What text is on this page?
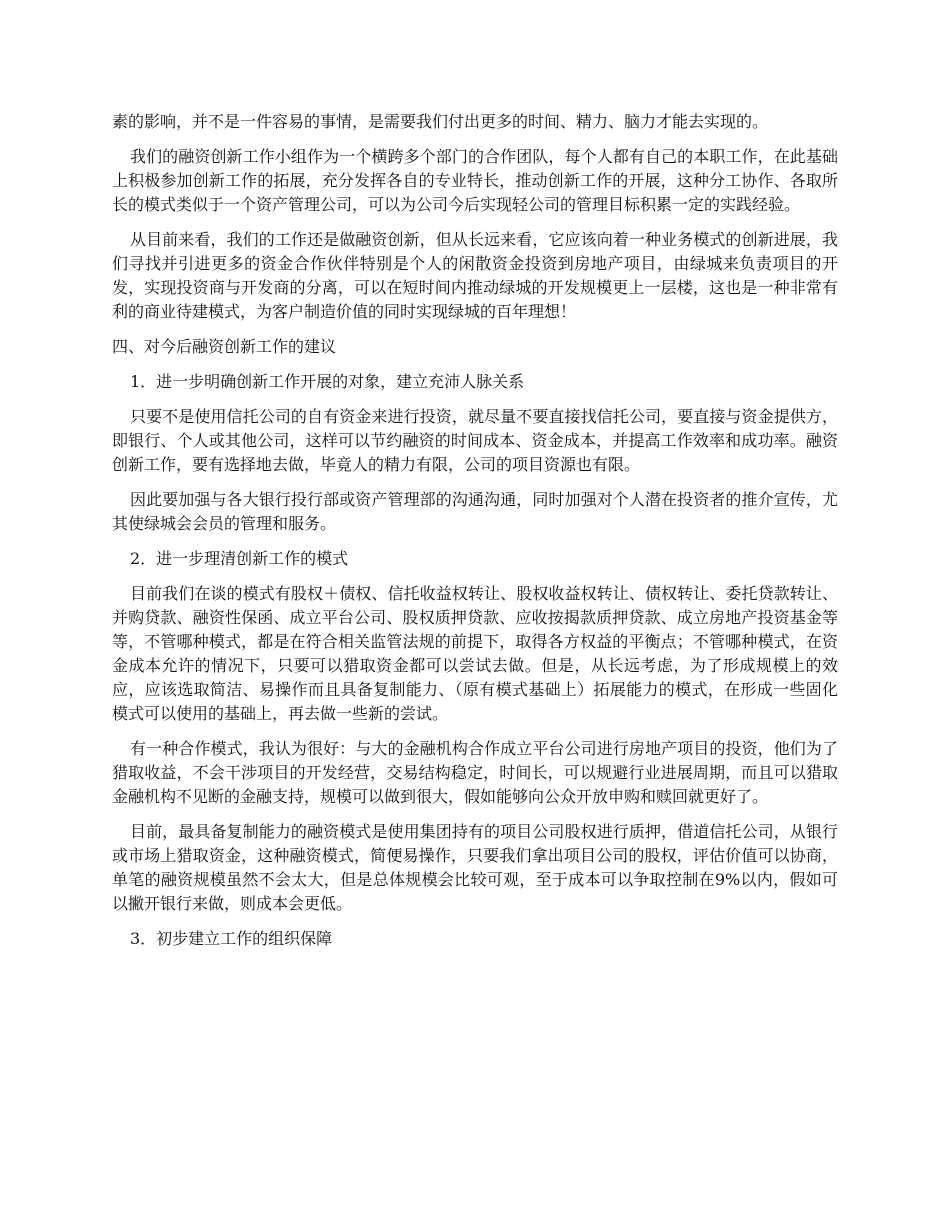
素的影响，并不是一件容易的事情，是需要我们付出更多的时间、精力、脑力才能去实现的。

我们的融资创新工作小组作为一个横跨多个部门的合作团队，每个人都有自己的本职工作，在此基础上积极参加创新工作的拓展，充分发挥各自的专业特长，推动创新工作的开展，这种分工协作、各取所长的模式类似于一个资产管理公司，可以为公司今后实现轻公司的管理目标积累一定的实践经验。

从目前来看，我们的工作还是做融资创新，但从长远来看，它应该向着一种业务模式的创新进展，我们寻找并引进更多的资金合作伙伴特别是个人的闲散资金投资到房地产项目，由绿城来负责项目的开发，实现投资商与开发商的分离，可以在短时间内推动绿城的开发规模更上一层楼，这也是一种非常有利的商业待建模式，为客户制造价值的同时实现绿城的百年理想！

四、对今后融资创新工作的建议

1．进一步明确创新工作开展的对象，建立充沛人脉关系

只要不是使用信托公司的自有资金来进行投资，就尽量不要直接找信托公司，要直接与资金提供方，即银行、个人或其他公司，这样可以节约融资的时间成本、资金成本，并提高工作效率和成功率。融资创新工作，要有选择地去做，毕竟人的精力有限，公司的项目资源也有限。

因此要加强与各大银行投行部或资产管理部的沟通沟通，同时加强对个人潜在投资者的推介宣传，尤其使绿城会会员的管理和服务。

2．进一步理清创新工作的模式

目前我们在谈的模式有股权＋债权、信托收益权转让、股权收益权转让、债权转让、委托贷款转让、并购贷款、融资性保函、成立平台公司、股权质押贷款、应收按揭款质押贷款、成立房地产投资基金等等，不管哪种模式，都是在符合相关监管法规的前提下，取得各方权益的平衡点；不管哪种模式，在资金成本允许的情况下，只要可以猎取资金都可以尝试去做。但是，从长远考虑，为了形成规模上的效应，应该选取简洁、易操作而且具备复制能力、（原有模式基础上）拓展能力的模式，在形成一些固化模式可以使用的基础上，再去做一些新的尝试。

有一种合作模式，我认为很好：与大的金融机构合作成立平台公司进行房地产项目的投资，他们为了猎取收益，不会干涉项目的开发经营，交易结构稳定，时间长，可以规避行业进展周期，而且可以猎取金融机构不见断的金融支持，规模可以做到很大，假如能够向公众开放申购和赎回就更好了。

目前，最具备复制能力的融资模式是使用集团持有的项目公司股权进行质押，借道信托公司，从银行或市场上猎取资金，这种融资模式，简便易操作，只要我们拿出项目公司的股权，评估价值可以协商，单笔的融资规模虽然不会太大，但是总体规模会比较可观，至于成本可以争取控制在9%以内，假如可以撇开银行来做，则成本会更低。

3．初步建立工作的组织保障
